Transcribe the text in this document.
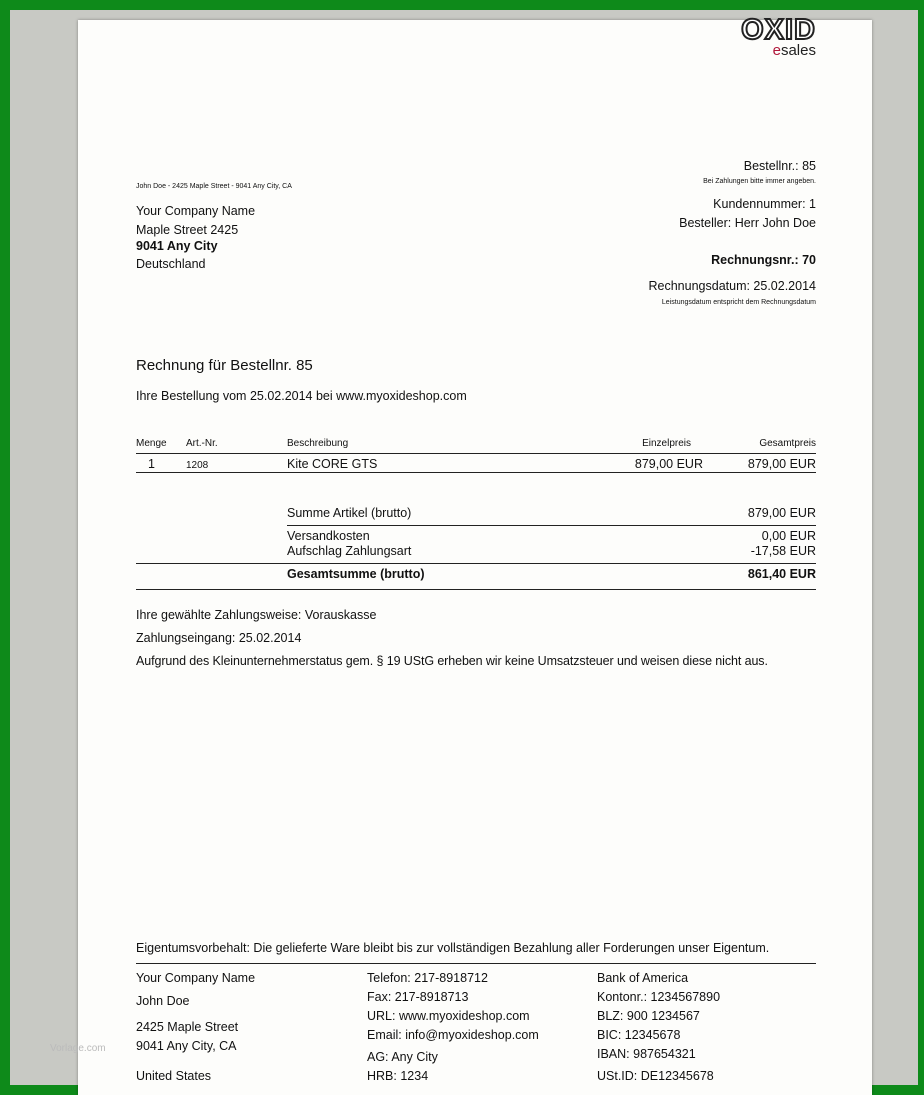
OXID
esales
John Doe - 2425 Maple Street - 9041 Any City, CA
Your Company Name
Maple Street 2425
9041 Any City
Deutschland
Bestellnr.: 85
Bei Zahlungen bitte immer angeben.
Kundennummer: 1
Besteller: Herr John Doe
Rechnungsnr.: 70
Rechnungsdatum: 25.02.2014
Leistungsdatum entspricht dem Rechnungsdatum
Rechnung für Bestellnr. 85
Ihre Bestellung vom 25.02.2014 bei www.myoxideshop.com
Menge Art.-Nr.	Beschreibung	Einzelpreis	Gesamtpreis
1	1208	Kite CORE GTS	879,00 EUR	879,00 EUR
Summe Artikel (brutto)	879,00 EUR
Versandkosten	0,00 EUR
Aufschlag Zahlungsart	-17,58 EUR
Gesamtsumme (brutto)	861,40 EUR
Ihre gewählte Zahlungsweise: Vorauskasse
Zahlungseingang: 25.02.2014
Aufgrund des Kleinunternehmerstatus gem. § 19 UStG erheben wir keine Umsatzsteuer und weisen diese nicht aus.
Eigentumsvorbehalt: Die gelieferte Ware bleibt bis zur vollständigen Bezahlung aller Forderungen unser Eigentum.
Your Company Name
John Doe
2425 Maple Street
9041 Any City, CA
United States
Telefon: 217-8918712
Fax: 217-8918713
URL: www.myoxideshop.com
Email: info@myoxideshop.com
AG: Any City
HRB: 1234
Bank of America
Kontonr.: 1234567890
BLZ: 900 1234567
BIC: 12345678
IBAN: 987654321
USt.ID: DE12345678
Vorlage.com
